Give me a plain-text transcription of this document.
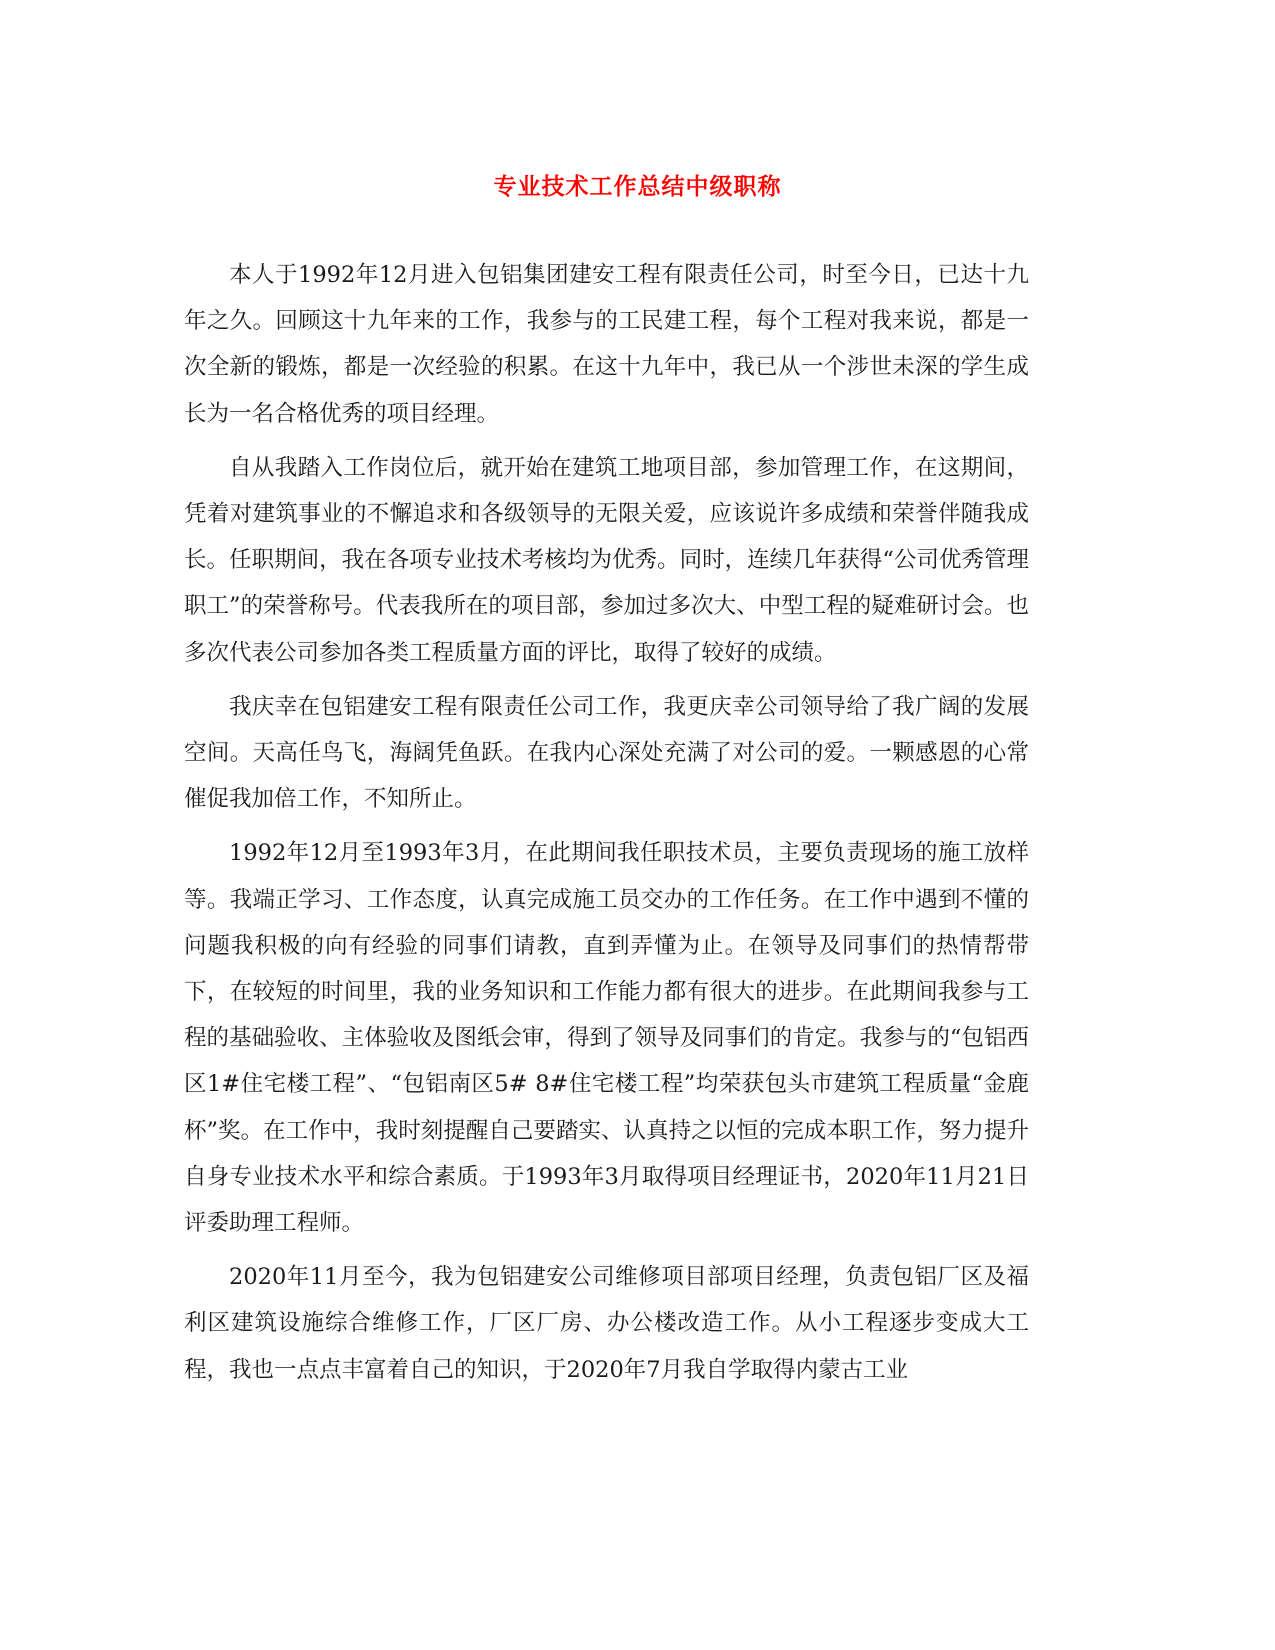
专业技术工作总结中级职称

本人于1992年12月进入包铝集团建安工程有限责任公司，时至今日，已达十九年之久。回顾这十九年来的工作，我参与的工民建工程，每个工程对我来说，都是一次全新的锻炼，都是一次经验的积累。在这十九年中，我已从一个涉世未深的学生成长为一名合格优秀的项目经理。

自从我踏入工作岗位后，就开始在建筑工地项目部，参加管理工作，在这期间，凭着对建筑事业的不懈追求和各级领导的无限关爱，应该说许多成绩和荣誉伴随我成长。任职期间，我在各项专业技术考核均为优秀。同时，连续几年获得“公司优秀管理职工”的荣誉称号。代表我所在的项目部，参加过多次大、中型工程的疑难研讨会。也多次代表公司参加各类工程质量方面的评比，取得了较好的成绩。

我庆幸在包铝建安工程有限责任公司工作，我更庆幸公司领导给了我广阔的发展空间。天高任鸟飞，海阔凭鱼跃。在我内心深处充满了对公司的爱。一颗感恩的心常催促我加倍工作，不知所止。

1992年12月至1993年3月，在此期间我任职技术员，主要负责现场的施工放样等。我端正学习、工作态度，认真完成施工员交办的工作任务。在工作中遇到不懂的问题我积极的向有经验的同事们请教，直到弄懂为止。在领导及同事们的热情帮带下，在较短的时间里，我的业务知识和工作能力都有很大的进步。在此期间我参与工程的基础验收、主体验收及图纸会审，得到了领导及同事们的肯定。我参与的“包铝西区1#住宅楼工程”、“包铝南区5# 8#住宅楼工程”均荣获包头市建筑工程质量“金鹿杯”奖。在工作中，我时刻提醒自己要踏实、认真持之以恒的完成本职工作，努力提升自身专业技术水平和综合素质。于1993年3月取得项目经理证书，2020年11月21日评委助理工程师。

2020年11月至今，我为包铝建安公司维修项目部项目经理，负责包铝厂区及福利区建筑设施综合维修工作，厂区厂房、办公楼改造工作。从小工程逐步变成大工程，我也一点点丰富着自己的知识，于2020年7月我自学取得内蒙古工业
